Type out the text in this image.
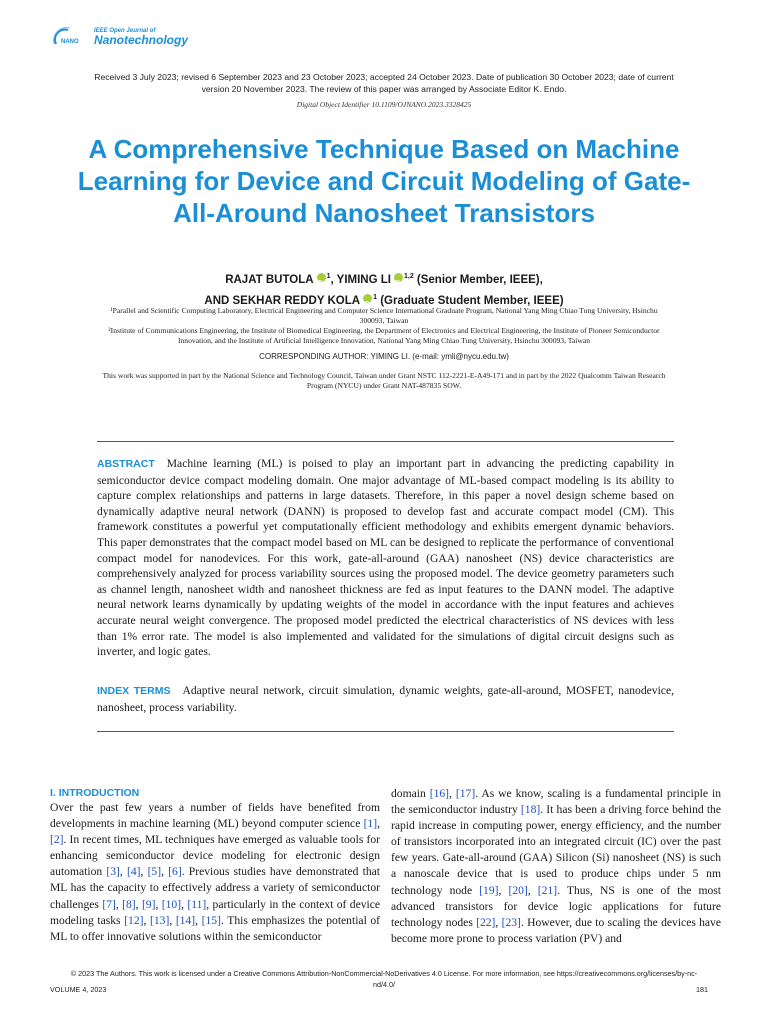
NANO
IEEE Open Journal of
Nanotechnology
Received 3 July 2023; revised 6 September 2023 and 23 October 2023; accepted 24 October 2023. Date of publication 30 October 2023; date of current version 20 November 2023. The review of this paper was arranged by Associate Editor K. Endo.
Digital Object Identifier 10.1109/OJNANO.2023.3328425
A Comprehensive Technique Based on Machine Learning for Device and Circuit Modeling of Gate-All-Around Nanosheet Transistors
RAJAT BUTOLA iD $^1$, YIMING LI iD $^{1,2}$ (Senior Member, IEEE),
AND SEKHAR REDDY KOLA iD $^1$ (Graduate Student Member, IEEE)
¹Parallel and Scientific Computing Laboratory, Electrical Engineering and Computer Science International Graduate Program, National Yang Ming Chiao Tung University, Hsinchu 300093, Taiwan
²Institute of Communications Engineering, the Institute of Biomedical Engineering, the Department of Electronics and Electrical Engineering, the Institute of Pioneer Semiconductor Innovation, and the Institute of Artificial Intelligence Innovation, National Yang Ming Chiao Tung University, Hsinchu 300093, Taiwan
CORRESPONDING AUTHOR: YIMING LI. (e-mail: ymli@nycu.edu.tw)
This work was supported in part by the National Science and Technology Council, Taiwan under Grant NSTC 112-2221-E-A49-171 and in part by the 2022 Qualcomm Taiwan Research Program (NYCU) under Grant NAT-487835 SOW.
ABSTRACT Machine learning (ML) is poised to play an important part in advancing the predicting capability in semiconductor device compact modeling domain. One major advantage of ML-based compact modeling is its ability to capture complex relationships and patterns in large datasets. Therefore, in this paper a novel design scheme based on dynamically adaptive neural network (DANN) is proposed to develop fast and accurate compact model (CM). This framework constitutes a powerful yet computationally efficient methodology and exhibits emergent dynamic behaviors. This paper demonstrates that the compact model based on ML can be designed to replicate the performance of conventional compact model for nanodevices. For this work, gate-all-around (GAA) nanosheet (NS) device characteristics are comprehensively analyzed for process variability sources using the proposed model. The device geometry parameters such as channel length, nanosheet width and nanosheet thickness are fed as input features to the DANN model. The adaptive neural network learns dynamically by updating weights of the model in accordance with the input features and achieves accurate neural weight convergence. The proposed model predicted the electrical characteristics of NS devices with less than 1% error rate. The model is also implemented and validated for the simulations of digital circuit designs such as inverter, and logic gates.
INDEX TERMS Adaptive neural network, circuit simulation, dynamic weights, gate-all-around, MOSFET, nanodevice, nanosheet, process variability.
I. INTRODUCTION
Over the past few years a number of fields have benefited from developments in machine learning (ML) beyond computer science [1], [2]. In recent times, ML techniques have emerged as valuable tools for enhancing semiconductor device modeling for electronic design automation [3], [4], [5], [6]. Previous studies have demonstrated that ML has the capacity to effectively address a variety of semiconductor challenges [7], [8], [9], [10], [11], particularly in the context of device modeling tasks [12], [13], [14], [15]. This emphasizes the potential of ML to offer innovative solutions within the semiconductor
domain [16], [17]. As we know, scaling is a fundamental principle in the semiconductor industry [18]. It has been a driving force behind the rapid increase in computing power, energy efficiency, and the number of transistors incorporated into an integrated circuit (IC) over the past few years. Gate-all-around (GAA) Silicon (Si) nanosheet (NS) is such a nanoscale device that is used to produce chips under 5 nm technology node [19], [20], [21]. Thus, NS is one of the most advanced transistors for device logic applications for future technology nodes [22], [23]. However, due to scaling the devices have become more prone to process variation (PV) and
© 2023 The Authors. This work is licensed under a Creative Commons Attribution-NonCommercial-NoDerivatives 4.0 License. For more information, see https://creativecommons.org/licenses/by-nc-nd/4.0/
VOLUME 4, 2023	181
